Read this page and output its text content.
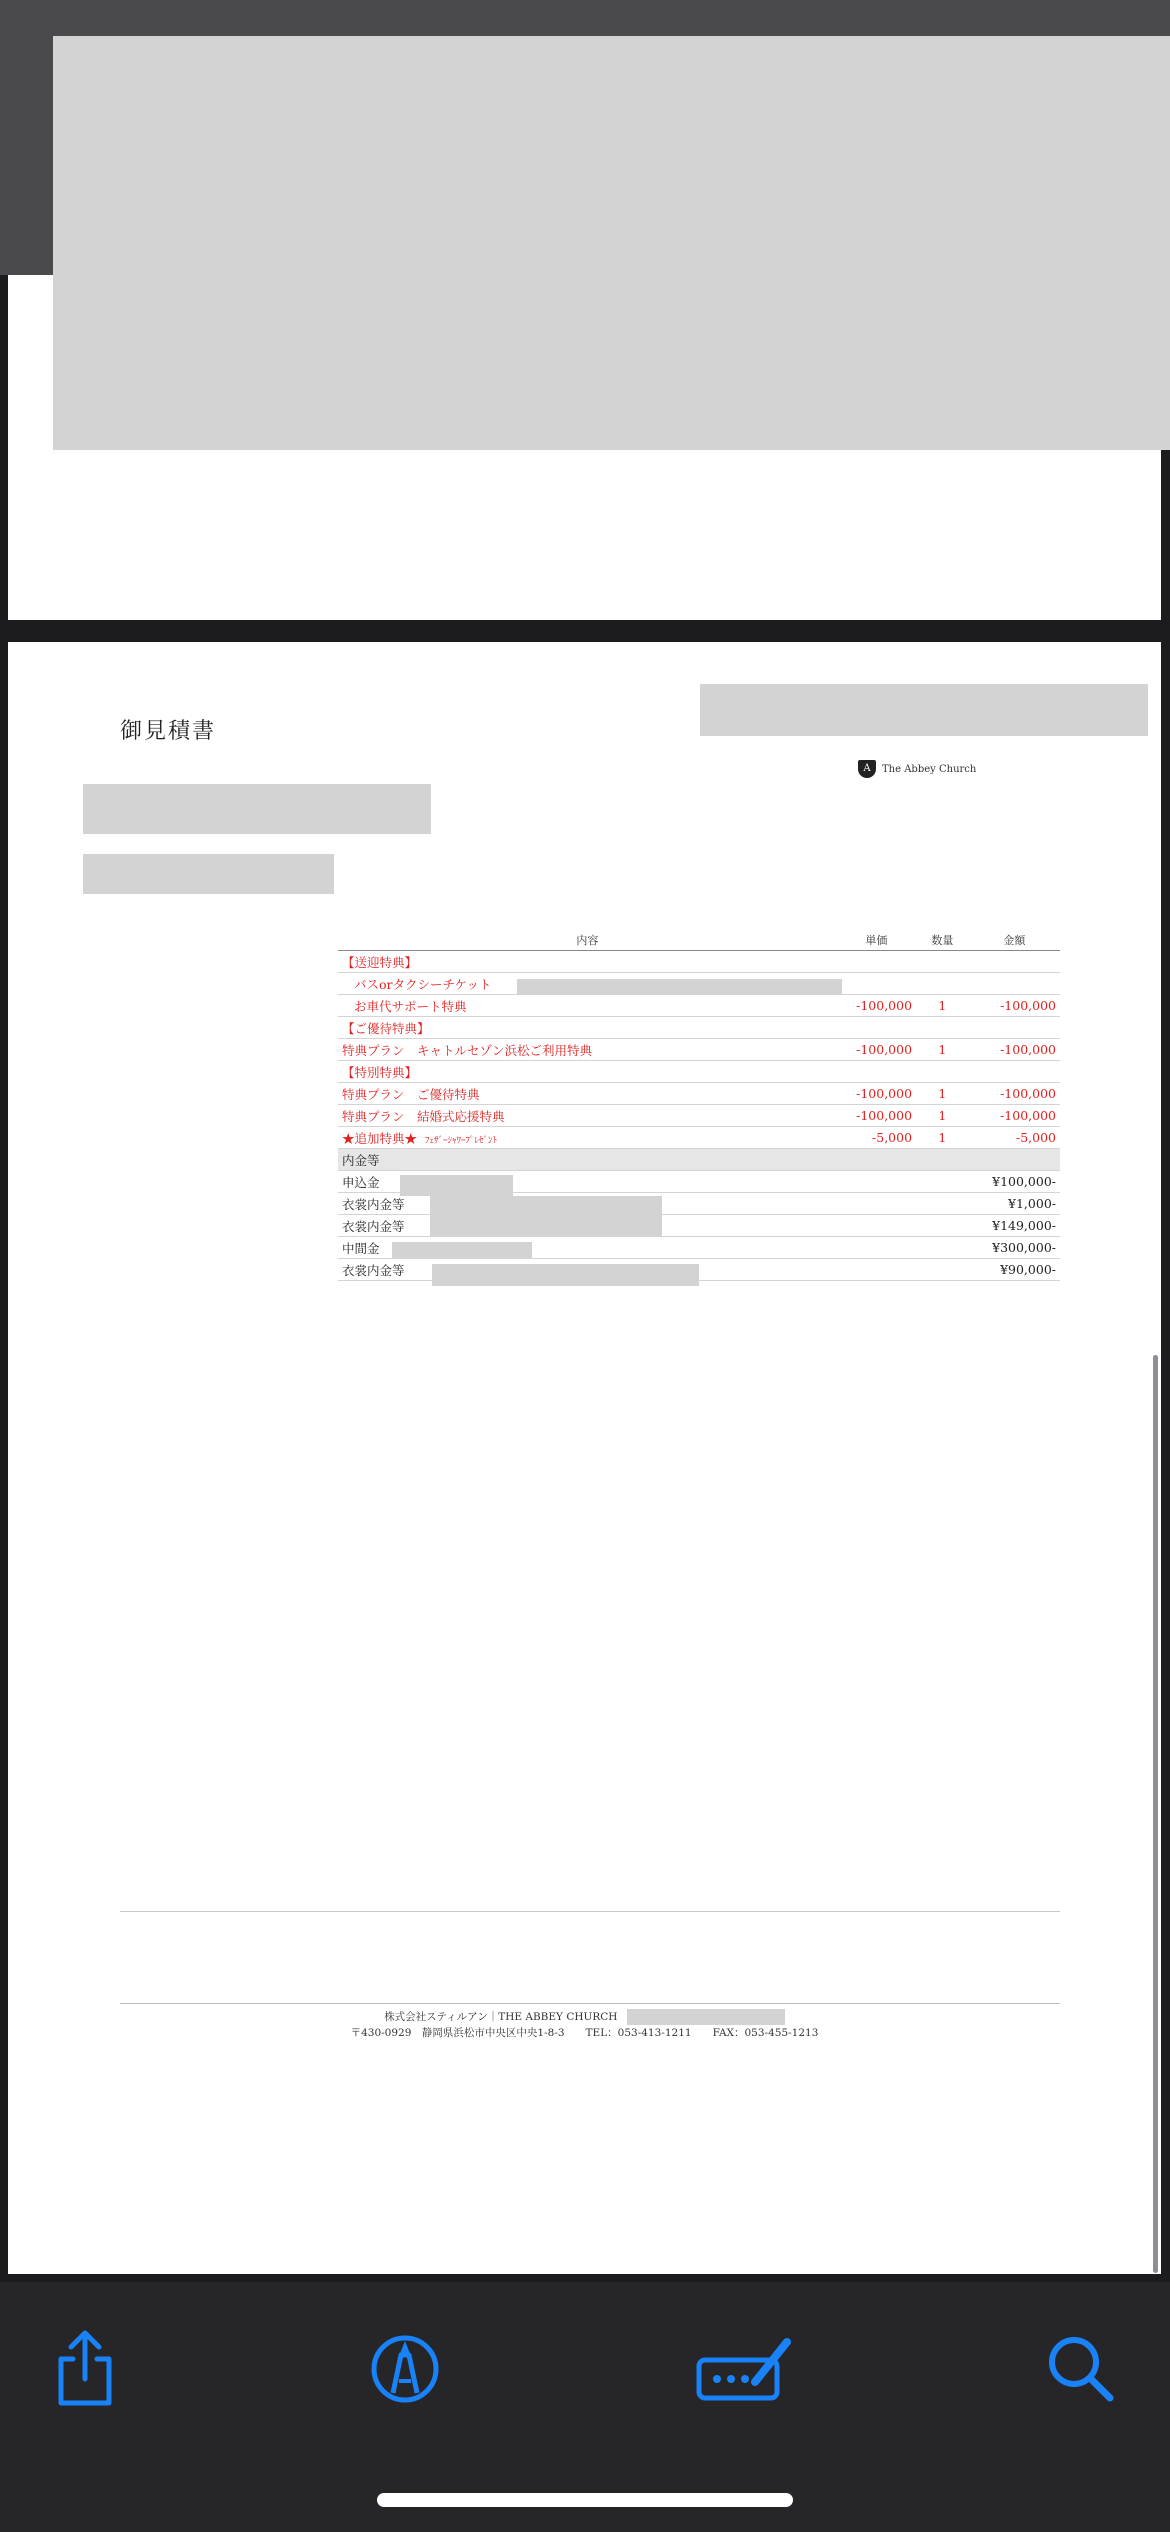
御見積書
A	The Abbey Church
内容	単価	数量	金額
【送迎特典】			
バスorタクシーチケット			
お車代サポート特典	-100,000	1	-100,000
【ご優待特典】			
特典プラン　キャトルセゾン浜松ご利用特典	-100,000	1	-100,000
【特別特典】			
特典プラン　ご優待特典	-100,000	1	-100,000
特典プラン　結婚式応援特典	-100,000	1	-100,000
★追加特典★ ﾌｪｻﾞｰｼｬﾜｰﾌﾟﾚｾﾞﾝﾄ	-5,000	1	-5,000
内金等			
申込金			¥100,000-
衣裳内金等			¥1,000-
衣裳内金等			¥149,000-
中間金			¥300,000-
衣裳内金等			¥90,000-
株式会社スティルアン｜THE ABBEY CHURCH
〒430-0929　静岡県浜松市中央区中央1-8-3　　TEL：053-413-1211　　FAX：053-455-1213
